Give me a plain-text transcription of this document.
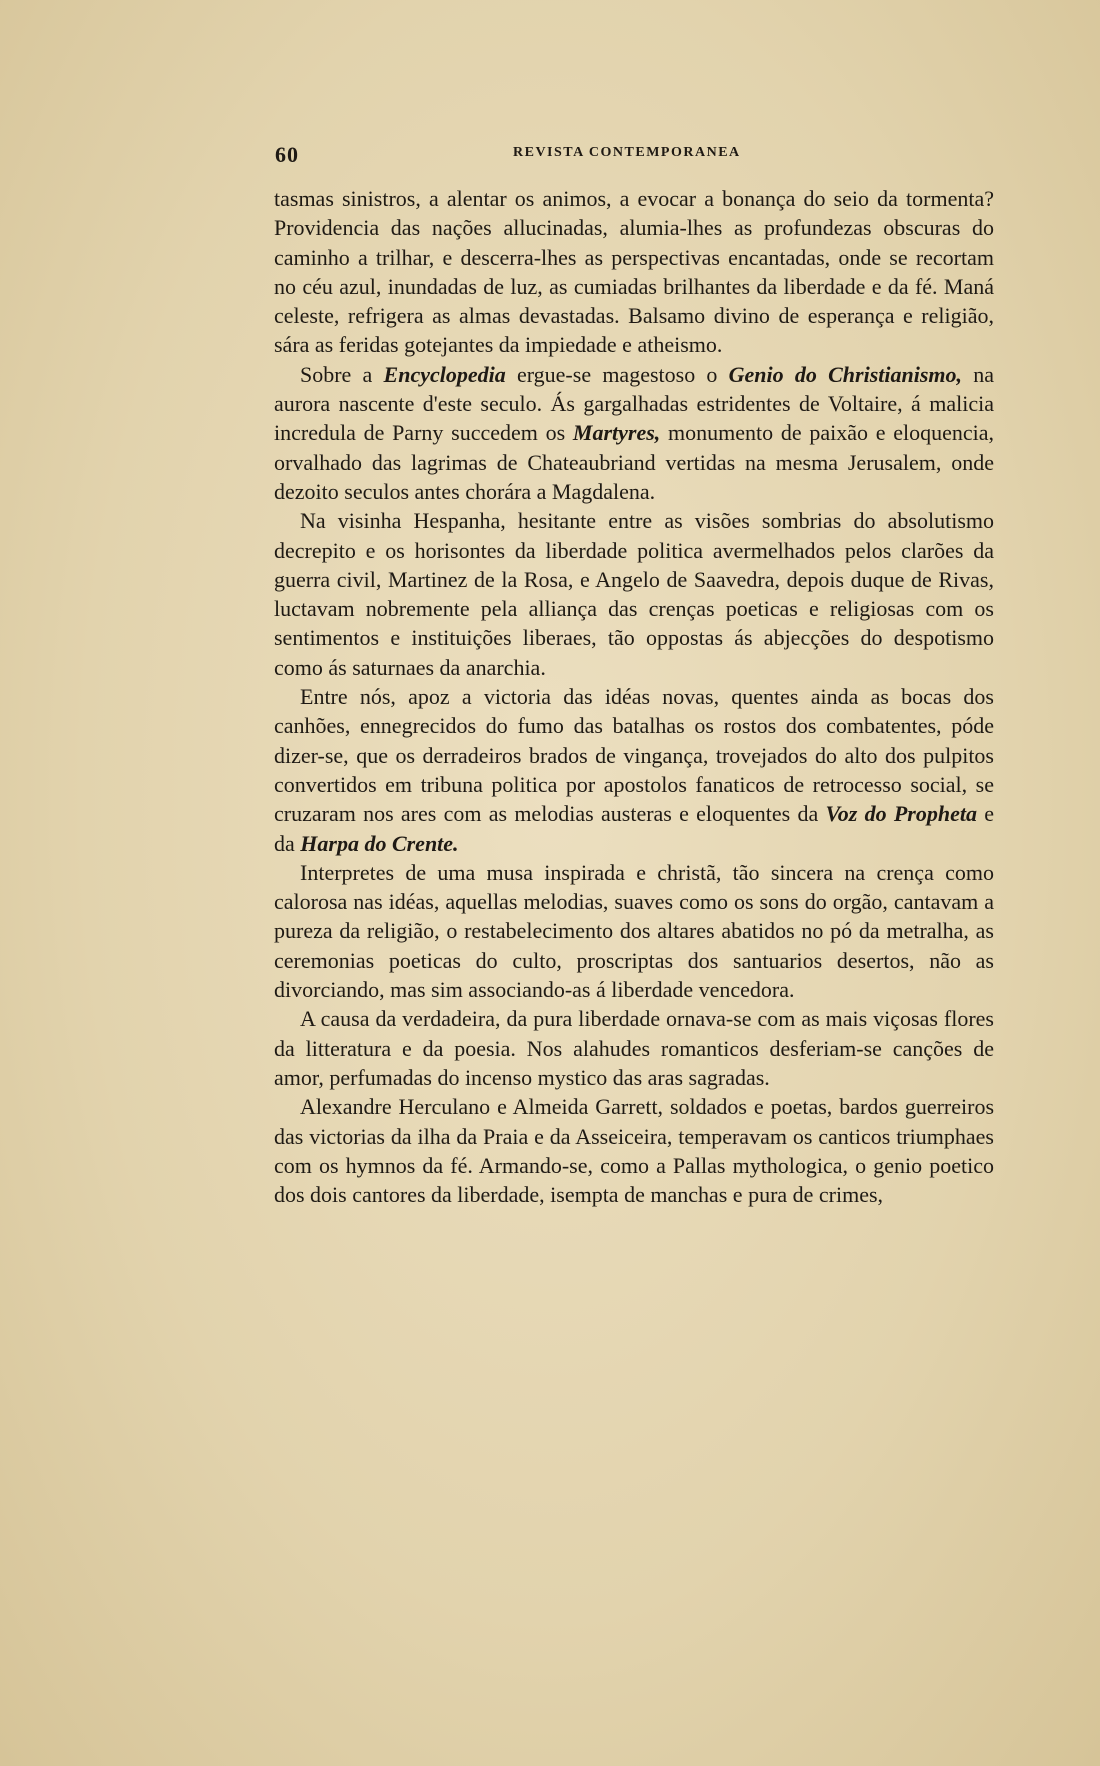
60	REVISTA CONTEMPORANEA

tasmas sinistros, a alentar os animos, a evocar a bonança do seio da tormenta? Providencia das nações allucinadas, alumia-lhes as profundezas obscuras do caminho a trilhar, e descerra-lhes as perspectivas encantadas, onde se recortam no céu azul, inundadas de luz, as cumiadas brilhantes da liberdade e da fé. Maná celeste, refrigera as almas devastadas. Balsamo divino de esperança e religião, sára as feridas gotejantes da impiedade e atheismo.

Sobre a Encyclopedia ergue-se magestoso o Genio do Christianismo, na aurora nascente d'este seculo. Ás gargalhadas estridentes de Voltaire, á malicia incredula de Parny succedem os Martyres, monumento de paixão e eloquencia, orvalhado das lagrimas de Chateaubriand vertidas na mesma Jerusalem, onde dezoito seculos antes chorára a Magdalena.

Na visinha Hespanha, hesitante entre as visões sombrias do absolutismo decrepito e os horisontes da liberdade politica avermelhados pelos clarões da guerra civil, Martinez de la Rosa, e Angelo de Saavedra, depois duque de Rivas, luctavam nobremente pela alliança das crenças poeticas e religiosas com os sentimentos e instituições liberaes, tão oppostas ás abjecções do despotismo como ás saturnaes da anarchia.

Entre nós, apoz a victoria das idéas novas, quentes ainda as bocas dos canhões, ennegrecidos do fumo das batalhas os rostos dos combatentes, póde dizer-se, que os derradeiros brados de vingança, trovejados do alto dos pulpitos convertidos em tribuna politica por apostolos fanaticos de retrocesso social, se cruzaram nos ares com as melodias austeras e eloquentes da Voz do Propheta e da Harpa do Crente.

Interpretes de uma musa inspirada e christã, tão sincera na crença como calorosa nas idéas, aquellas melodias, suaves como os sons do orgão, cantavam a pureza da religião, o restabelecimento dos altares abatidos no pó da metralha, as ceremonias poeticas do culto, proscriptas dos santuarios desertos, não as divorciando, mas sim associando-as á liberdade vencedora.

A causa da verdadeira, da pura liberdade ornava-se com as mais viçosas flores da litteratura e da poesia. Nos alahudes romanticos desferiam-se canções de amor, perfumadas do incenso mystico das aras sagradas.

Alexandre Herculano e Almeida Garrett, soldados e poetas, bardos guerreiros das victorias da ilha da Praia e da Asseiceira, temperavam os canticos triumphaes com os hymnos da fé. Armando-se, como a Pallas mythologica, o genio poetico dos dois cantores da liberdade, isempta de manchas e pura de crimes,
